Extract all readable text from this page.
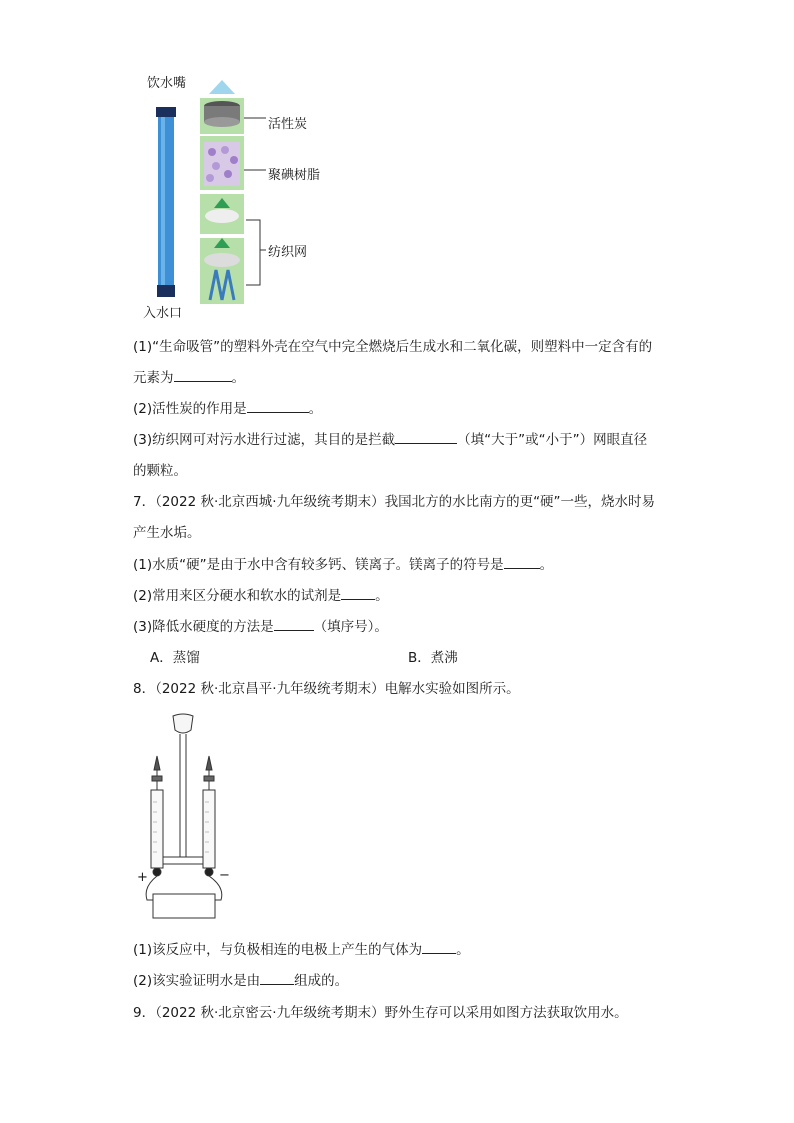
饮水嘴
入水口
活性炭
聚碘树脂
纺织网
(1)“生命吸管”的塑料外壳在空气中完全燃烧后生成水和二氧化碳，则塑料中一定含有的
元素为	。
(2)活性炭的作用是	。
(3)纺织网可对污水进行过滤，其目的是拦截	（填“大于”或“小于”）网眼直径
的颗粒。
7．（2022 秋·北京西城·九年级统考期末）我国北方的水比南方的更“硬”一些，烧水时易
产生水垢。
(1)水质“硬”是由于水中含有较多钙、镁离子。镁离子的符号是	。
(2)常用来区分硬水和软水的试剂是	。
(3)降低水硬度的方法是	（填序号）。
A．蒸馏	B．煮沸
8．（2022 秋·北京昌平·九年级统考期末）电解水实验如图所示。
+	−
(1)该反应中，与负极相连的电极上产生的气体为	。
(2)该实验证明水是由	组成的。
9．（2022 秋·北京密云·九年级统考期末）野外生存可以采用如图方法获取饮用水。
